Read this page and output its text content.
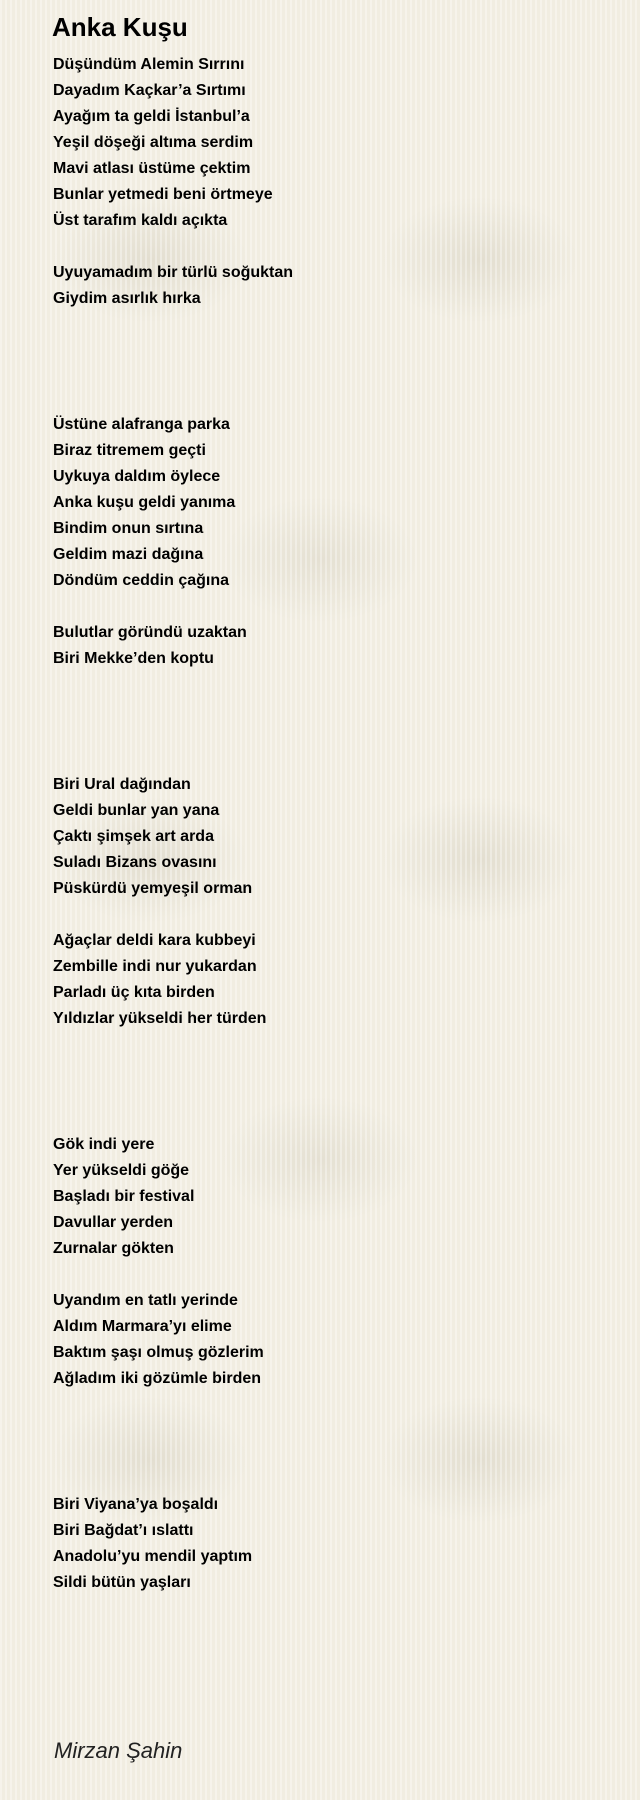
Anka Kuşu
Düşündüm Alemin Sırrını
Dayadım Kaçkar’a Sırtımı
Ayağım ta geldi İstanbul’a
Yeşil döşeği altıma serdim
Mavi atlası üstüme çektim
Bunlar yetmedi beni örtmeye
Üst tarafım kaldı açıkta
Uyuyamadım bir türlü soğuktan
Giydim asırlık hırka
Üstüne alafranga parka
Biraz titremem geçti
Uykuya daldım öylece
Anka kuşu geldi yanıma
Bindim onun sırtına
Geldim mazi dağına
Döndüm ceddin çağına
Bulutlar göründü uzaktan
Biri Mekke’den koptu
Biri Ural dağından
Geldi bunlar yan yana
Çaktı şimşek art arda
Suladı Bizans ovasını
Püskürdü yemyeşil orman
Ağaçlar deldi kara kubbeyi
Zembille indi nur yukardan
Parladı üç kıta birden
Yıldızlar yükseldi her türden
Gök indi yere
Yer yükseldi göğe
Başladı bir festival
Davullar yerden
Zurnalar gökten
Uyandım en tatlı yerinde
Aldım Marmara’yı elime
Baktım şaşı olmuş gözlerim
Ağladım iki gözümle birden
Biri Viyana’ya boşaldı
Biri Bağdat’ı ıslattı
Anadolu’yu mendil yaptım
Sildi bütün yaşları
Mirzan Şahin
